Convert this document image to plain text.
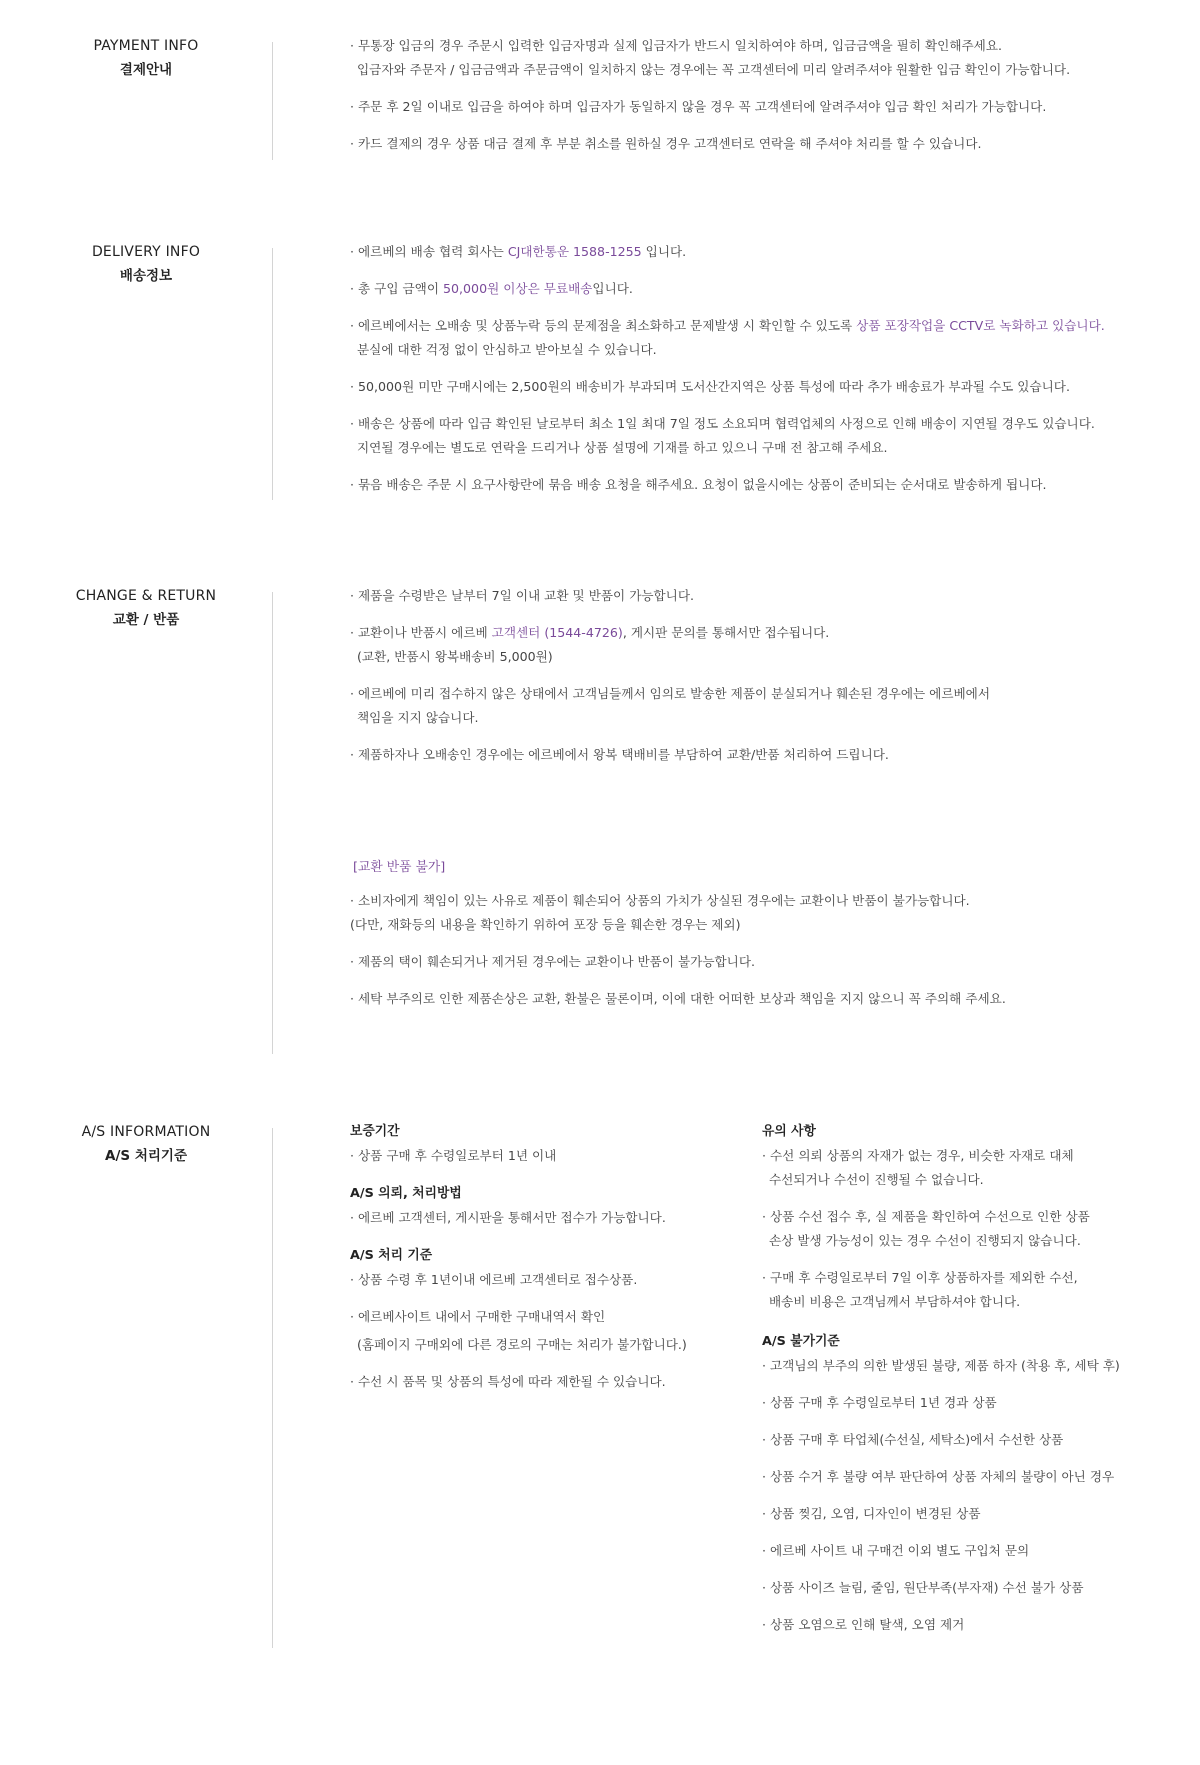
PAYMENT INFO
결제안내
· 무통장 입금의 경우 주문시 입력한 입금자명과 실제 입금자가 반드시 일치하여야 하며, 입금금액을 필히 확인해주세요.
입금자와 주문자 / 입금금액과 주문금액이 일치하지 않는 경우에는 꼭 고객센터에 미리 알려주셔야 원활한 입금 확인이 가능합니다.
· 주문 후 2일 이내로 입금을 하여야 하며 입금자가 동일하지 않을 경우 꼭 고객센터에 알려주셔야 입금 확인 처리가 가능합니다.
· 카드 결제의 경우 상품 대금 결제 후 부분 취소를 원하실 경우 고객센터로 연락을 해 주셔야 처리를 할 수 있습니다.
DELIVERY INFO
배송정보
· 에르베의 배송 협력 회사는 CJ대한통운 1588-1255 입니다.
· 총 구입 금액이 50,000원 이상은 무료배송입니다.
· 에르베에서는 오배송 및 상품누락 등의 문제점을 최소화하고 문제발생 시 확인할 수 있도록 상품 포장작업을 CCTV로 녹화하고 있습니다.
분실에 대한 걱정 없이 안심하고 받아보실 수 있습니다.
· 50,000원 미만 구매시에는 2,500원의 배송비가 부과되며 도서산간지역은 상품 특성에 따라 추가 배송료가 부과될 수도 있습니다.
· 배송은 상품에 따라 입금 확인된 날로부터 최소 1일 최대 7일 정도 소요되며 협력업체의 사정으로 인해 배송이 지연될 경우도 있습니다.
지연될 경우에는 별도로 연락을 드리거나 상품 설명에 기재를 하고 있으니 구매 전 참고해 주세요.
· 묶음 배송은 주문 시 요구사항란에 묶음 배송 요청을 해주세요. 요청이 없을시에는 상품이 준비되는 순서대로 발송하게 됩니다.
CHANGE & RETURN
교환 / 반품
· 제품을 수령받은 날부터 7일 이내 교환 및 반품이 가능합니다.
· 교환이나 반품시 에르베 고객센터 (1544-4726), 게시판 문의를 통해서만 접수됩니다.
(교환, 반품시 왕복배송비 5,000원)
· 에르베에 미리 접수하지 않은 상태에서 고객님들께서 임의로 발송한 제품이 분실되거나 훼손된 경우에는 에르베에서
책임을 지지 않습니다.
· 제품하자나 오배송인 경우에는 에르베에서 왕복 택배비를 부담하여 교환/반품 처리하여 드립니다.
[교환 반품 불가]
· 소비자에게 책임이 있는 사유로 제품이 훼손되어 상품의 가치가 상실된 경우에는 교환이나 반품이 불가능합니다.
(다만, 재화등의 내용을 확인하기 위하여 포장 등을 훼손한 경우는 제외)
· 제품의 택이 훼손되거나 제거된 경우에는 교환이나 반품이 불가능합니다.
· 세탁 부주의로 인한 제품손상은 교환, 환불은 물론이며, 이에 대한 어떠한 보상과 책임을 지지 않으니 꼭 주의해 주세요.
A/S INFORMATION
A/S 처리기준
보증기간
· 상품 구매 후 수령일로부터 1년 이내
A/S 의뢰, 처리방법
· 에르베 고객센터, 게시판을 통해서만 접수가 가능합니다.
A/S 처리 기준
· 상품 수령 후 1년이내 에르베 고객센터로 접수상품.
· 에르베사이트 내에서 구매한 구매내역서 확인
(홈페이지 구매외에 다른 경로의 구매는 처리가 불가합니다.)
· 수선 시 품목 및 상품의 특성에 따라 제한될 수 있습니다.
유의 사항
· 수선 의뢰 상품의 자재가 없는 경우, 비슷한 자재로 대체
수선되거나 수선이 진행될 수 없습니다.
· 상품 수선 접수 후, 실 제품을 확인하여 수선으로 인한 상품
손상 발생 가능성이 있는 경우 수선이 진행되지 않습니다.
· 구매 후 수령일로부터 7일 이후 상품하자를 제외한 수선,
배송비 비용은 고객님께서 부담하셔야 합니다.
A/S 불가기준
· 고객님의 부주의 의한 발생된 불량, 제품 하자 (착용 후, 세탁 후)
· 상품 구매 후 수령일로부터 1년 경과 상품
· 상품 구매 후 타업체(수선실, 세탁소)에서 수선한 상품
· 상품 수거 후 불량 여부 판단하여 상품 자체의 불량이 아닌 경우
· 상품 찢김, 오염, 디자인이 변경된 상품
· 에르베 사이트 내 구매건 이외 별도 구입처 문의
· 상품 사이즈 늘림, 줄임, 원단부족(부자재) 수선 불가 상품
· 상품 오염으로 인해 탈색, 오염 제거
